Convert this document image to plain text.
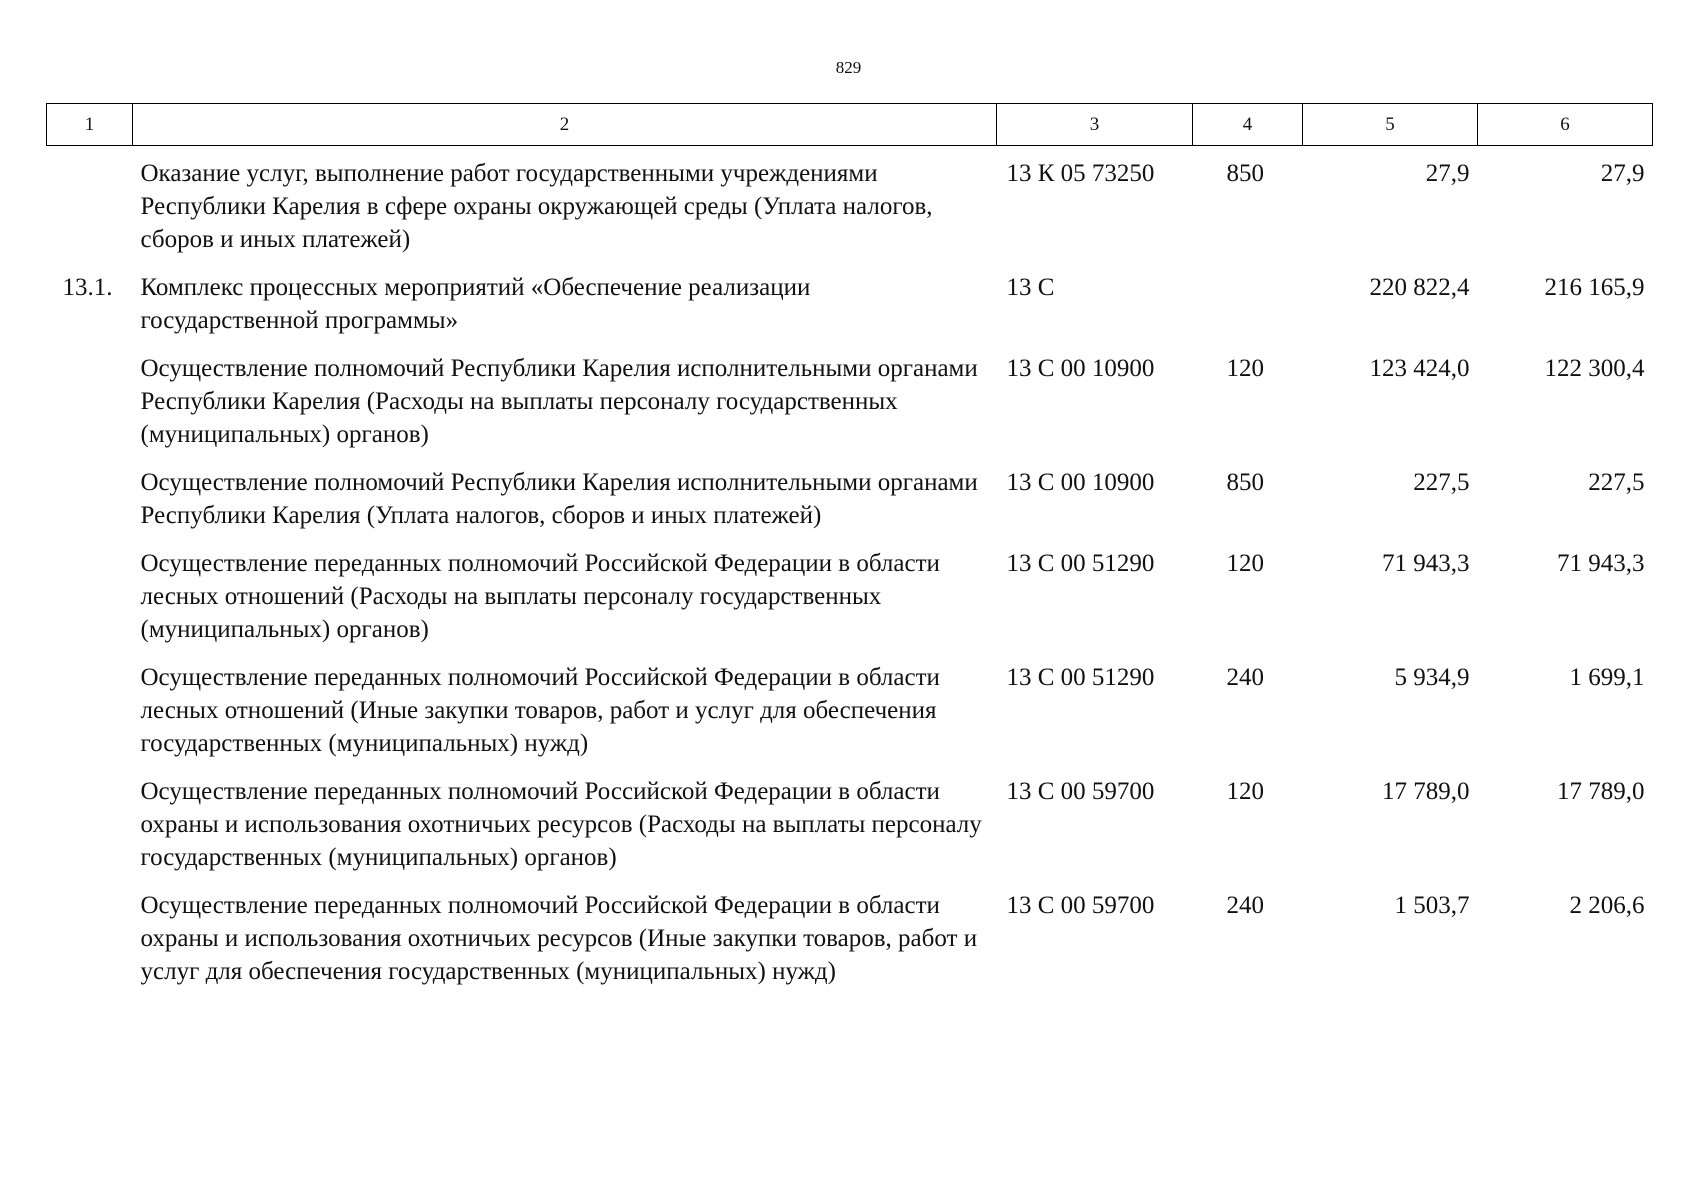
829
1	2	3	4	5	6
	Оказание услуг, выполнение работ государственными учреждениями Республики Карелия в сфере охраны окружающей среды (Уплата налогов, сборов и иных платежей)	13 К 05 73250	850	27,9	27,9
13.1.	Комплекс процессных мероприятий «Обеспечение реализации государственной программы»	13 С		220 822,4	216 165,9
	Осуществление полномочий Республики Карелия исполнительными органами Республики Карелия (Расходы на выплаты персоналу государственных (муниципальных) органов)	13 С 00 10900	120	123 424,0	122 300,4
	Осуществление полномочий Республики Карелия исполнительными органами Республики Карелия (Уплата налогов, сборов и иных платежей)	13 С 00 10900	850	227,5	227,5
	Осуществление переданных полномочий Российской Федерации в области лесных отношений (Расходы на выплаты персоналу государственных (муниципальных) органов)	13 С 00 51290	120	71 943,3	71 943,3
	Осуществление переданных полномочий Российской Федерации в области лесных отношений (Иные закупки товаров, работ и услуг для обеспечения государственных (муниципальных) нужд)	13 С 00 51290	240	5 934,9	1 699,1
	Осуществление переданных полномочий Российской Федерации в области охраны и использования охотничьих ресурсов (Расходы на выплаты персоналу государственных (муниципальных) органов)	13 С 00 59700	120	17 789,0	17 789,0
	Осуществление переданных полномочий Российской Федерации в области охраны и использования охотничьих ресурсов (Иные закупки товаров, работ и услуг для обеспечения государственных (муниципальных) нужд)	13 С 00 59700	240	1 503,7	2 206,6
